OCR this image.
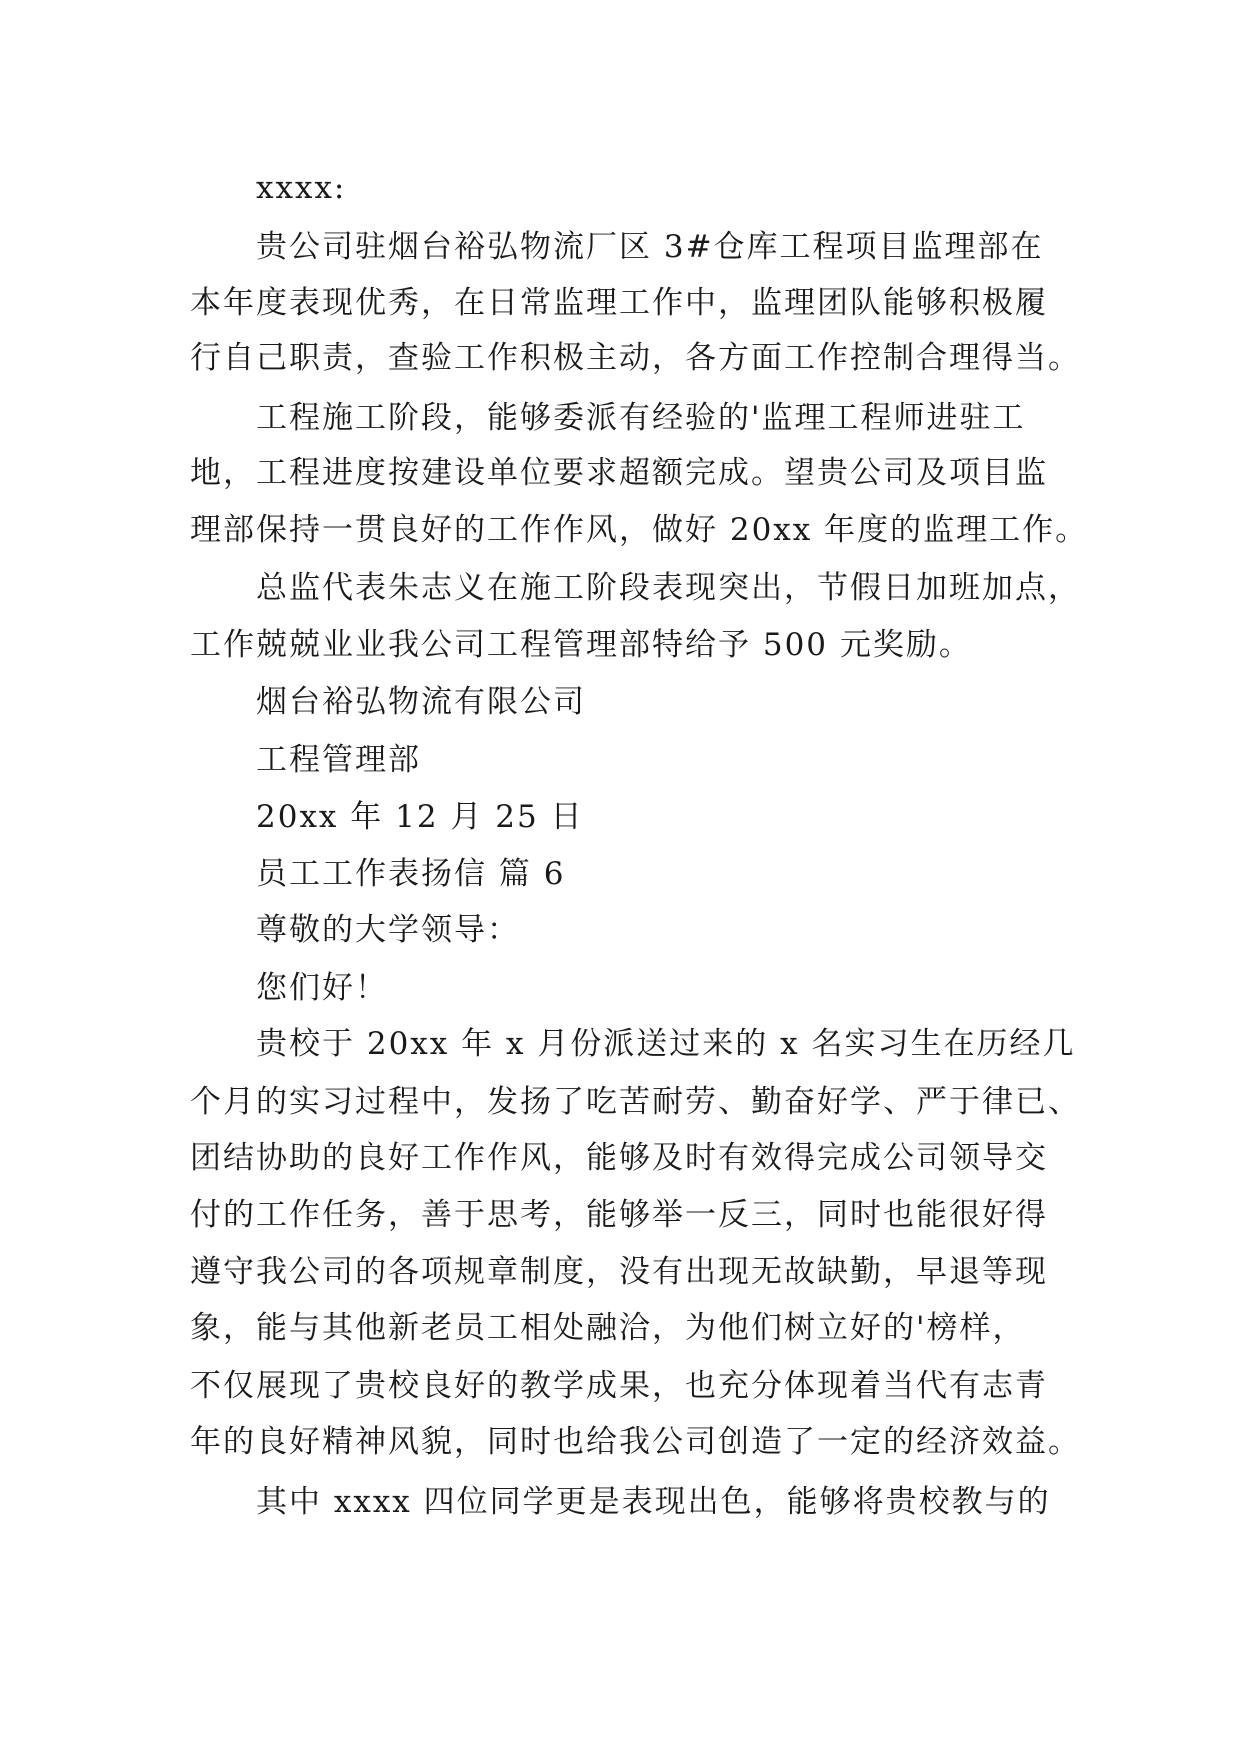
xxxx:
贵公司驻烟台裕弘物流厂区 3#仓库工程项目监理部在
本年度表现优秀，在日常监理工作中，监理团队能够积极履
行自己职责，查验工作积极主动，各方面工作控制合理得当。
工程施工阶段，能够委派有经验的'监理工程师进驻工
地，工程进度按建设单位要求超额完成。望贵公司及项目监
理部保持一贯良好的工作作风，做好 20xx 年度的监理工作。
总监代表朱志义在施工阶段表现突出，节假日加班加点，
工作兢兢业业我公司工程管理部特给予 500 元奖励。
烟台裕弘物流有限公司
工程管理部
20xx 年 12 月 25 日
员工工作表扬信 篇 6
尊敬的大学领导：
您们好！
贵校于 20xx 年 x 月份派送过来的 x 名实习生在历经几
个月的实习过程中，发扬了吃苦耐劳、勤奋好学、严于律已、
团结协助的良好工作作风，能够及时有效得完成公司领导交
付的工作任务，善于思考，能够举一反三，同时也能很好得
遵守我公司的各项规章制度，没有出现无故缺勤，早退等现
象，能与其他新老员工相处融洽，为他们树立好的'榜样，
不仅展现了贵校良好的教学成果，也充分体现着当代有志青
年的良好精神风貌，同时也给我公司创造了一定的经济效益。
其中 xxxx 四位同学更是表现出色，能够将贵校教与的
